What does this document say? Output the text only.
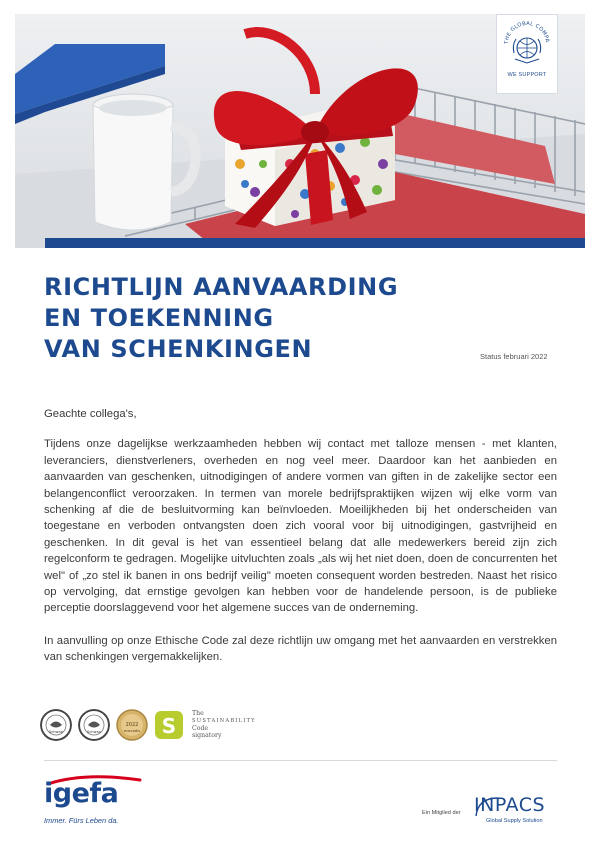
THE GLOBAL COMPA
WE SUPPORT
RICHTLIJN AANVAARDING
EN TOEKENNING
VAN SCHENKINGEN	Status februari 2022

Geachte collega's,

Tijdens onze dagelijkse werkzaamheden hebben wij contact met talloze mensen - met klanten, leveranciers, dienstverleners, overheden en nog veel meer. Daardoor kan het aanbieden en aanvaarden van geschenken, uitnodigingen of andere vormen van giften in de zakelijke sector een belangenconflict veroorzaken. In termen van morele bedrijfspraktijken wijzen wij elke vorm van schenking af die de besluitvorming kan beïnvloeden. Moeilijkheden bij het onderscheiden van toegestane en verboden ontvangsten doen zich vooral voor bij uitnodigingen, gastvrijheid en geschenken. In dit geval is het van essentieel belang dat alle medewerkers bereid zijn zich regelconform te gedragen. Mogelijke uitvluchten zoals „als wij het niet doen, doen de concurrenten het wel" of „zo stel ik banen in ons bedrijf veilig" moeten consequent worden bestreden. Naast het risico op vervolging, dat ernstige gevolgen kan hebben voor de handelende persoon, is de publieke perceptie doorslaggevend voor het algemene succes van de onderneming.

In aanvulling op onze Ethische Code zal deze richtlijn uw omgang met het aanvaarden en verstrekken van schenkingen vergemakkelijken.

Schwan	Schwan
2022
ecovadis S
The
SUSTAINABILITY
Code
signatory
igefa
Immer. Fürs Leben da.
Ein Mitglied der INPACS
Global Supply Solution
